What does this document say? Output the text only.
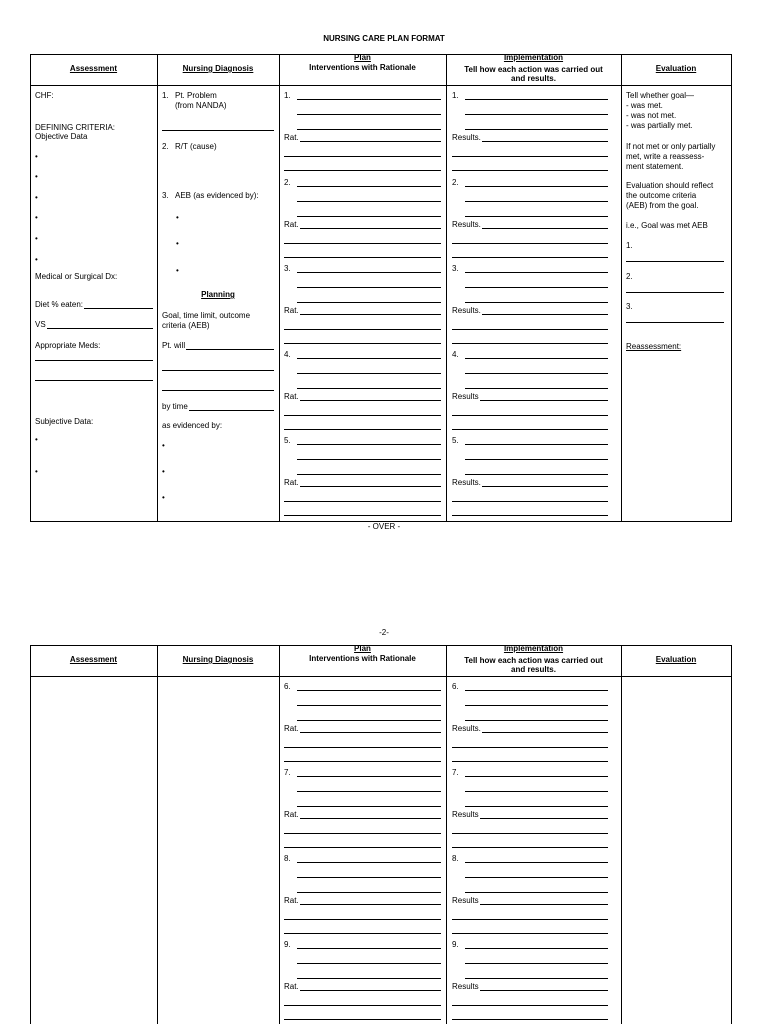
NURSING CARE PLAN FORMAT
Assessment	Nursing Diagnosis
Plan
Interventions with Rationale
Implementation
Tell how each action was carried out
and results.
Evaluation
CHF:
DEFINING CRITERIA:
Objective Data
•
•
•
•
•
•
Medical or Surgical Dx:
Diet % eaten:
VS
Appropriate Meds:
Subjective Data:
•
•
1. Pt. Problem
(from NANDA)
2. R/T (cause)
3. AEB (as evidenced by):
•
•
•
Planning
Goal, time limit, outcome
criteria (AEB)
Pt. will
by time
as evidenced by:
•
•
•
Tell whether goal—
- was met.
- was not met.
- was partially met.
If not met or only partially
met, write a reassess-
ment statement.
Evaluation should reflect
the outcome criteria
(AEB) from the goal.
i.e., Goal was met AEB
1.
2.
3.
Reassessment:
- OVER -
-2-
Assessment	Nursing Diagnosis
Plan
Interventions with Rationale
Implementation
Tell how each action was carried out
and results.
Evaluation
1.
Rat.
2.
Rat.
3.
Rat.
4.
Rat.
5.
Rat.
1.
Results.
2.
Results.
3.
Results.
4.
Results
5.
Results.
6.
Rat.
7.
Rat.
8.
Rat.
9.
Rat.
6.
Results.
7.
Results
8.
Results
9.
Results
